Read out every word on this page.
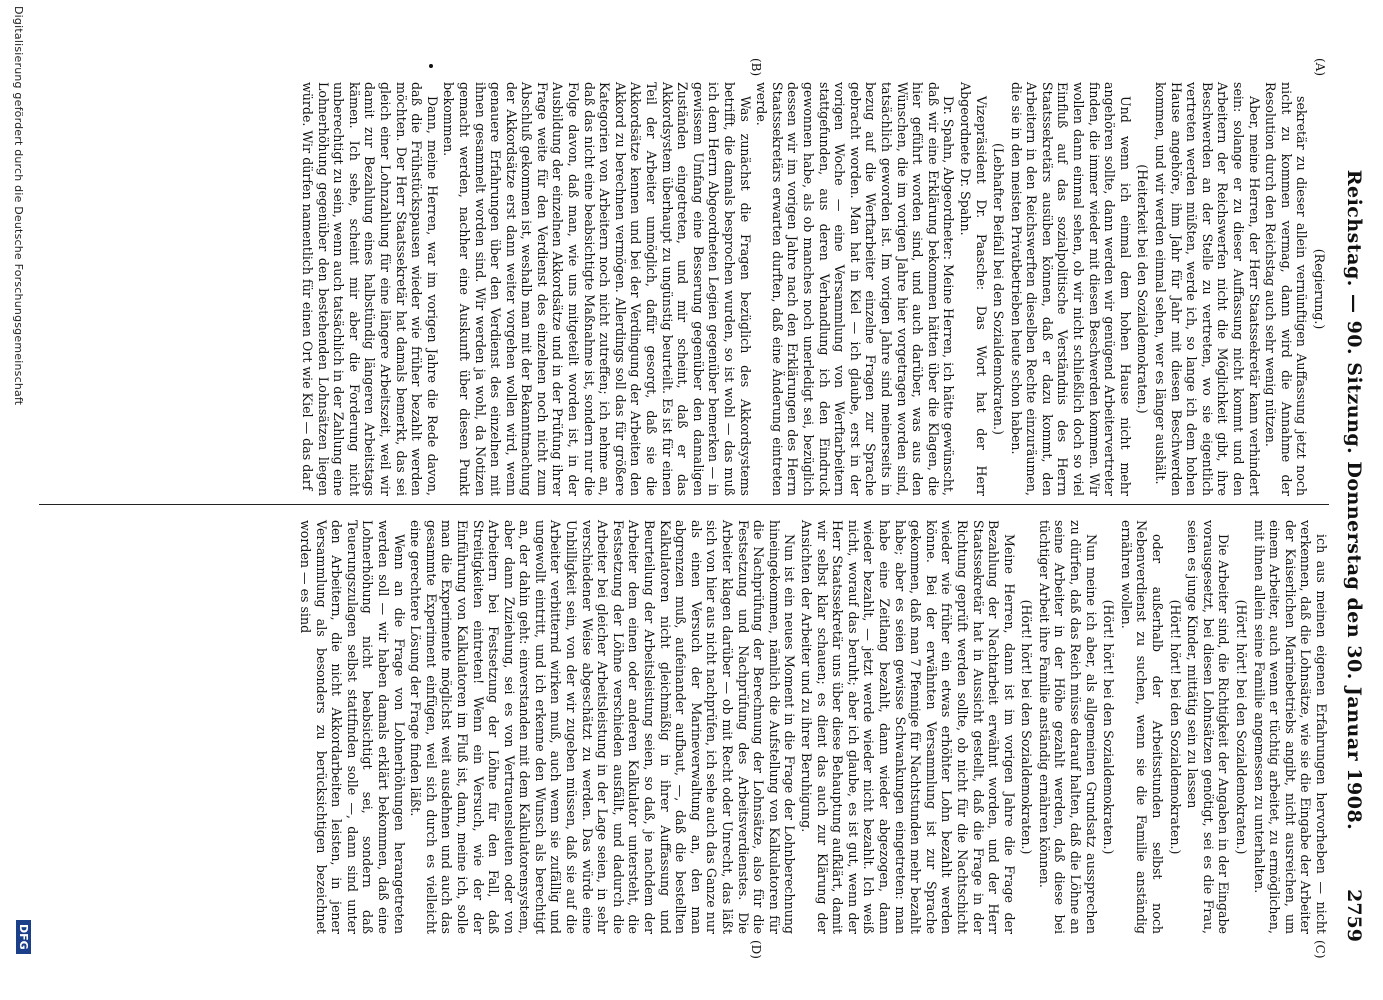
Reichstag. — 90. Sitzung. Donnerstag den 30. Januar 1908.
2759
(A)
(B)
(C)
(D)

(Regierung.)

sekretär zu dieser allein vernünftigen Auffassung jetzt noch nicht zu kommen vermag, dann wird die Annahme der Resolution durch den Reichstag auch sehr wenig nützen.

Aber, meine Herren, der Herr Staatssekretär kann verhindert sein: solange er zu dieser Auffassung nicht kommt und den Arbeitern der Reichswerfen nicht die Möglichkeit gibt, ihre Beschwerden an der Stelle zu vertreten, wo sie eigentlich vertreten werden müßten, werde ich, so lange ich dem hohen Hause angehöre, ihm Jahr für Jahr mit diesen Beschwerden kommen, und wir werden einmal sehen, wer es länger aushält.

(Heiterkeit bei den Sozialdemokraten.)

Und wenn ich einmal dem hohen Hause nicht mehr angehören sollte, dann werden wir genügend Arbeitervertreter finden, die immer wieder mit diesen Beschwerden kommen. Wir wollen dann einmal sehen, ob wir nicht schließlich doch so viel Einfluß auf das sozialpolitische Verständnis des Herrn Staatssekretärs ausüben können, daß er dazu kommt, den Arbeitern in den Reichswerften dieselben Rechte einzuräumen, die sie in den meisten Privatbetrieben heute schon haben.

(Lebhafter Beifall bei den Sozialdemokraten.)

Vizepräsident Dr. Paasche: Das Wort hat der Herr Abgeordnete Dr. Spahn.

Dr. Spahn, Abgeordneter: Meine Herren, ich hätte gewünscht, daß wir eine Erklärung bekommen hätten über die Klagen, die hier geführt worden sind, und auch darüber, was aus den Wünschen, die im vorigen Jahre hier vorgetragen worden sind, tatsächlich geworden ist. Im vorigen Jahre sind meinerseits in bezug auf die Werftarbeiter einzelne Fragen zur Sprache gebracht worden. Man hat in Kiel — ich glaube, erst in der vorigen Woche — eine Versammlung von Werftarbeitern stattgefunden, aus deren Verhandlung ich den Eindruck gewonnen habe, als ob manches noch unerledigt sei, bezüglich dessen wir im vorigen Jahre nach den Erklärungen des Herrn Staatssekretärs erwarten durften, daß eine Änderung eintreten werde.

Was zunächst die Fragen bezüglich des Akkordsystems betrifft, die damals besprochen wurden, so ist wohl — das muß ich dem Herrn Abgeordneten Legien gegenüber bemerken — in gewissem Umfang eine Besserung gegenüber den damaligen Zuständen eingetreten, und mir scheint, daß er das Akkordsystem überhaupt zu ungünstig beurteilt. Es ist für einen Teil der Arbeiter unmöglich, dafür gesorgt, daß sie die Akkordsätze kennen und bei der Verdingung der Arbeiten den Akkord zu berechnen vermögen. Allerdings soll das für größere Kategorien von Arbeitern noch nicht zutreffen; ich nehme an, daß das nicht eine beabsichtigte Maßnahme ist, sondern nur die Folge davon, daß man, wie uns mitgeteilt worden ist, in der Ausbildung der einzelnen Akkordsätze und in der Prüfung ihrer Frage weite für den Verdienst des einzelnen noch nicht zum Abschluß gekommen ist, weshalb man mit der Bekanntmachung der Akkordsätze erst dann weiter vorgehen wollen wird, wenn genauere Erfahrungen über den Verdienst des einzelnen mit ihnen gesammelt worden sind. Wir werden ja wohl, da Notizen gemacht werden, nachher eine Auskunft über diesen Punkt bekommen.

Dann, meine Herren, war im vorigen Jahre die Rede davon, daß die Frühstückspausen wieder wie früher bezahlt werden möchten. Der Herr Staatssekretär hat damals bemerkt, das sei gleich einer Lohnzahlung für eine längere Arbeitszeit, weil wir damit zur Bezahlung eines halbstündig längeren Arbeitstags kämen. Ich sehe, scheint mir aber die Forderung nicht unberechtigt zu sein, wenn auch tatsächlich in der Zahlung eine Lohnerhöhung gegenüber den bestehenden Lohnsätzen liegen würde. Wir dürfen namentlich für einen Ort wie Kiel — das darf

ich aus meinen eigenen Erfahrungen hervorheben — nicht verkennen, daß die Lohnsätze, wie sie die Eingabe der Arbeiter der Kaiserlichen Marinebetriebs angibt, nicht ausreichen, um einem Arbeiter, auch wenn er tüchtig arbeitet, zu ermöglichen, mit ihnen allein seine Familie angemessen zu unterhalten.

(Hört! hört! bei den Sozialdemokraten.)

Die Arbeiter sind, die Richtigkeit der Angaben in der Eingabe vorausgesetzt, bei diesen Lohnsätzen genötigt, sei es die Frau, seien es junge Kinder, mittätig sein zu lassen

(Hört! hört! bei den Sozialdemokraten.)

oder außerhalb der Arbeitsstunden selbst noch Nebenverdienst zu suchen, wenn sie die Familie anständig ernähren wollen.

(Hört! hört! bei den Sozialdemokraten.)

Nun meine ich aber, als allgemeinen Grundsatz aussprechen zu dürfen, daß das Reich müsse darauf halten, daß die Löhne an seine Arbeiter in der Höhe gezahlt werden, daß diese bei tüchtiger Arbeit ihre Familie anständig ernähren können.

(Hört! hört! bei den Sozialdemokraten.)

Meine Herren, dann ist im vorigen Jahre die Frage der Bezahlung der Nachtarbeit erwähnt worden, und der Herr Staatssekretär hat in Aussicht gestellt, daß die Frage in der Richtung geprüft werden sollte, ob nicht für die Nachtschicht wieder wie früher ein etwas erhöhter Lohn bezahlt werden könne. Bei der erwähnten Versammlung ist zur Sprache gekommen, daß man 7 Pfennige für Nachtstunden mehr bezahlt habe; aber es seien gewisse Schwankungen eingetreten: man habe eine Zeitlang bezahlt, dann wieder abgezogen, dann wieder bezahlt, — jetzt werde wieder nicht bezahlt. Ich weiß nicht, worauf das beruht; aber ich glaube, es ist gut, wenn der Herr Staatssekretär uns über diese Behauptung aufklärt, damit wir selbst klar schauen; es dient das auch zur Klärung der Ansichten der Arbeiter und zu ihrer Beruhigung.

Nun ist ein neues Moment in die Frage der Lohnberechnung hineingekommen, nämlich die Aufstellung von Kalkulatoren für die Nachprüfung der Berechnung der Lohnsätze, also für die Festsetzung und Nachprüfung des Arbeitsverdienstes. Die Arbeiter klagen darüber — ob mit Recht oder Unrecht, das läßt sich von hier aus nicht nachprüfen, ich sehe auch das Ganze nur als einen Versuch der Marineverwaltung an, den man abgrenzen muß, aufeinander aufbaut, —, daß die bestellten Kalkulatoren nicht gleichmäßig in ihrer Auffassung und Beurteilung der Arbeitsleistung seien, so daß, je nachdem der Arbeiter dem einen oder anderen Kalkulator untersteht, die Festsetzung der Löhne verschieden ausfällt, und dadurch die Arbeiter bei gleicher Arbeitsleistung in der Lage seien, in sehr verschiedener Weise abgeschätzt zu werden. Das würde eine Unbilligkeit sein, von der wir zugeben müssen, daß sie auf die Arbeiter verbitternd wirken muß, auch wenn sie zufällig und ungewollt eintritt, und ich erkenne den Wunsch als berechtigt an, der dahin geht: einverstanden mit dem Kalkulatorensystem, aber dann Zuziehung, sei es von Vertrauensleuten oder von Arbeitern bei Festsetzung der Löhne für den Fall, daß Streitigkeiten eintreten! Wenn ein Versuch, wie der der Einführung von Kalkulatoren im Fluß ist, dann, meine ich, solle man die Experimente möglichst weit ausdehnen und auch das gesammte Experiment einfügen, weil sich durch es vielleicht eine gerechtere Lösung der Frage finden läßt.

Wenn an die Frage von Lohnerhöhungen herangetreten werden soll — wir haben damals erklärt bekommen, daß eine Lohnerhöhung nicht beabsichtigt sei, sondern daß Teuerungszulagen selbst stattfinden solle —, dann sind unter den Arbeitern, die nicht Akkordarbeiten leisten, in jener Versammlung als besonders zu berücksichtigen bezeichnet worden — es sind

Digitalisierung gefördert durch die Deutsche Forschungsgemeinschaft
DFG
